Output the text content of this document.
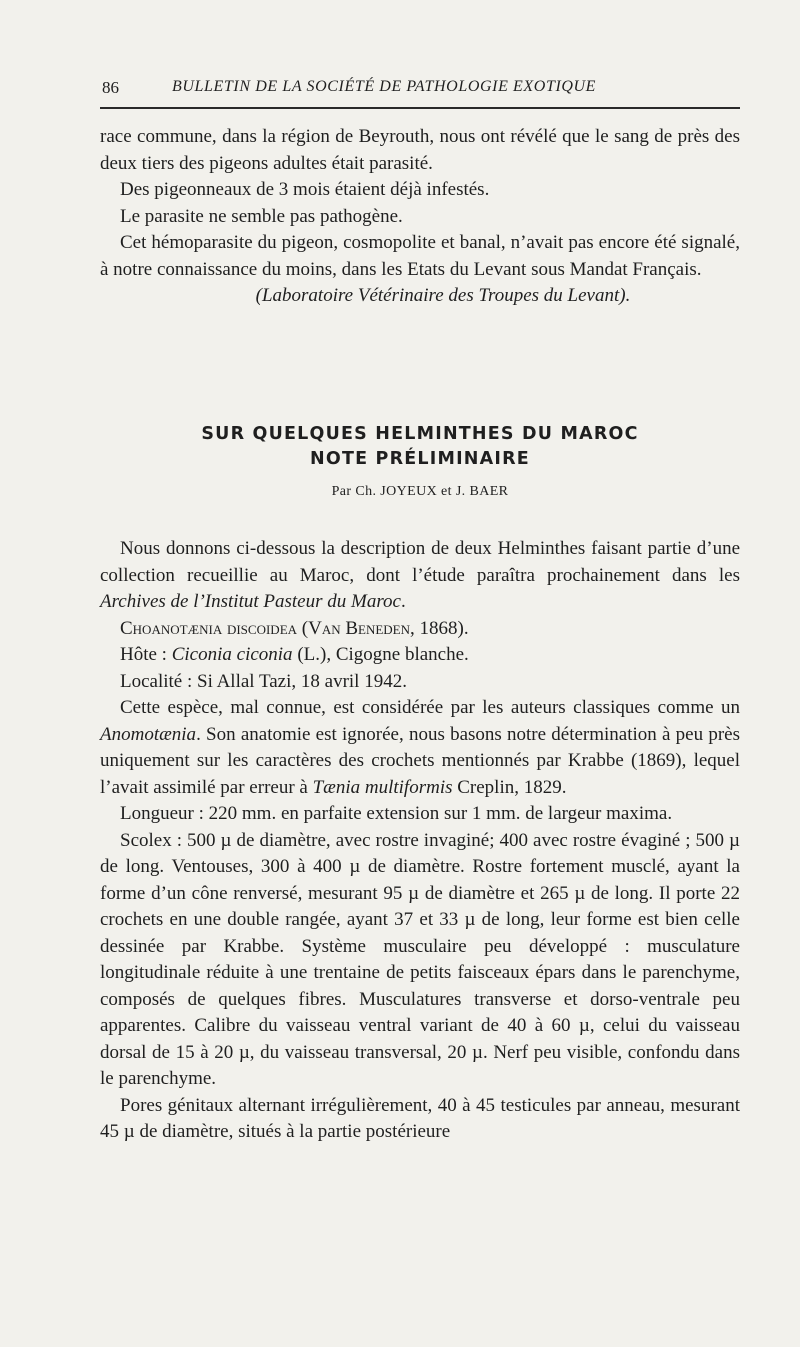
86	BULLETIN DE LA SOCIÉTÉ DE PATHOLOGIE EXOTIQUE

race commune, dans la région de Beyrouth, nous ont révélé que le sang de près des deux tiers des pigeons adultes était parasité.

Des pigeonneaux de 3 mois étaient déjà infestés.

Le parasite ne semble pas pathogène.

Cet hémoparasite du pigeon, cosmopolite et banal, n’avait pas encore été signalé, à notre connaissance du moins, dans les Etats du Levant sous Mandat Français.

(Laboratoire Vétérinaire des Troupes du Levant).

SUR QUELQUES HELMINTHES DU MAROC
NOTE PRÉLIMINAIRE
Par Ch. JOYEUX et J. BAER

Nous donnons ci-dessous la description de deux Helminthes faisant partie d’une collection recueillie au Maroc, dont l’étude paraîtra prochainement dans les Archives de l’Institut Pasteur du Maroc.

Choanotænia discoidea (Van Beneden, 1868).

Hôte : Ciconia ciconia (L.), Cigogne blanche.

Localité : Si Allal Tazi, 18 avril 1942.

Cette espèce, mal connue, est considérée par les auteurs classiques comme un Anomotænia. Son anatomie est ignorée, nous basons notre détermination à peu près uniquement sur les caractères des crochets mentionnés par Krabbe (1869), lequel l’avait assimilé par erreur à Tænia multiformis Creplin, 1829.

Longueur : 220 mm. en parfaite extension sur 1 mm. de largeur maxima.

Scolex : 500 µ de diamètre, avec rostre invaginé; 400 avec rostre évaginé ; 500 µ de long. Ventouses, 300 à 400 µ de diamètre. Rostre fortement musclé, ayant la forme d’un cône renversé, mesurant 95 µ de diamètre et 265 µ de long. Il porte 22 crochets en une double rangée, ayant 37 et 33 µ de long, leur forme est bien celle dessinée par Krabbe. Système musculaire peu développé : musculature longitudinale réduite à une trentaine de petits faisceaux épars dans le parenchyme, composés de quelques fibres. Musculatures transverse et dorso-ventrale peu apparentes. Calibre du vaisseau ventral variant de 40 à 60 µ, celui du vaisseau dorsal de 15 à 20 µ, du vaisseau transversal, 20 µ. Nerf peu visible, confondu dans le parenchyme.

Pores génitaux alternant irrégulièrement, 40 à 45 testicules par anneau, mesurant 45 µ de diamètre, situés à la partie postérieure
